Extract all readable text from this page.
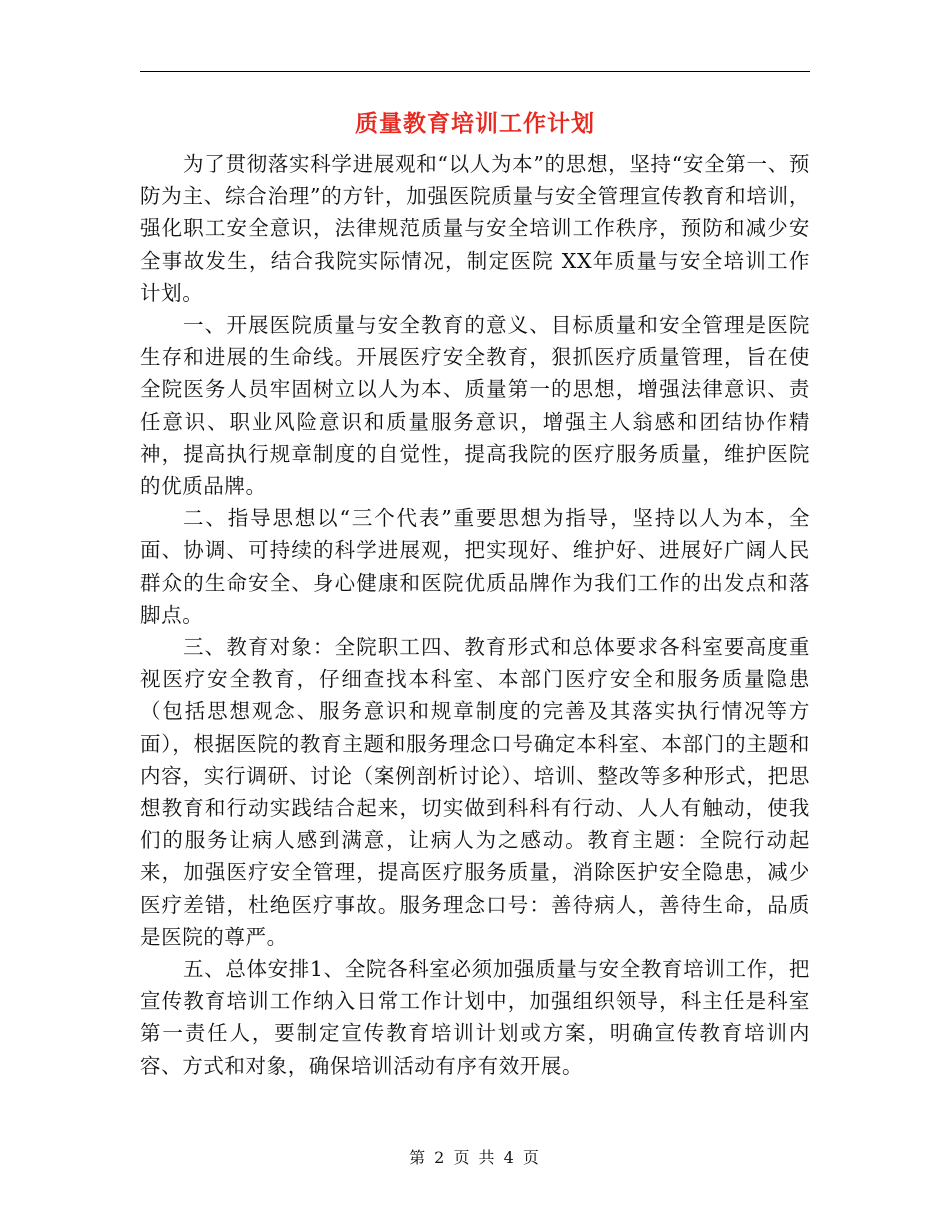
质量教育培训工作计划

为了贯彻落实科学进展观和“以人为本”的思想，坚持“安全第一、预防为主、综合治理”的方针，加强医院质量与安全管理宣传教育和培训，强化职工安全意识，法律规范质量与安全培训工作秩序，预防和减少安全事故发生，结合我院实际情况，制定医院 XX年质量与安全培训工作计划。

一、开展医院质量与安全教育的意义、目标质量和安全管理是医院生存和进展的生命线。开展医疗安全教育，狠抓医疗质量管理，旨在使全院医务人员牢固树立以人为本、质量第一的思想，增强法律意识、责任意识、职业风险意识和质量服务意识，增强主人翁感和团结协作精神，提高执行规章制度的自觉性，提高我院的医疗服务质量，维护医院的优质品牌。

二、指导思想以“三个代表”重要思想为指导，坚持以人为本，全面、协调、可持续的科学进展观，把实现好、维护好、进展好广阔人民群众的生命安全、身心健康和医院优质品牌作为我们工作的出发点和落脚点。

三、教育对象：全院职工四、教育形式和总体要求各科室要高度重视医疗安全教育，仔细查找本科室、本部门医疗安全和服务质量隐患（包括思想观念、服务意识和规章制度的完善及其落实执行情况等方面），根据医院的教育主题和服务理念口号确定本科室、本部门的主题和内容，实行调研、讨论（案例剖析讨论）、培训、整改等多种形式，把思想教育和行动实践结合起来，切实做到科科有行动、人人有触动，使我们的服务让病人感到满意，让病人为之感动。教育主题：全院行动起来，加强医疗安全管理，提高医疗服务质量，消除医护安全隐患，减少医疗差错，杜绝医疗事故。服务理念口号：善待病人，善待生命，品质是医院的尊严。

五、总体安排1、全院各科室必须加强质量与安全教育培训工作，把宣传教育培训工作纳入日常工作计划中，加强组织领导，科主任是科室第一责任人，要制定宣传教育培训计划或方案，明确宣传教育培训内容、方式和对象，确保培训活动有序有效开展。

第 2 页 共 4 页
